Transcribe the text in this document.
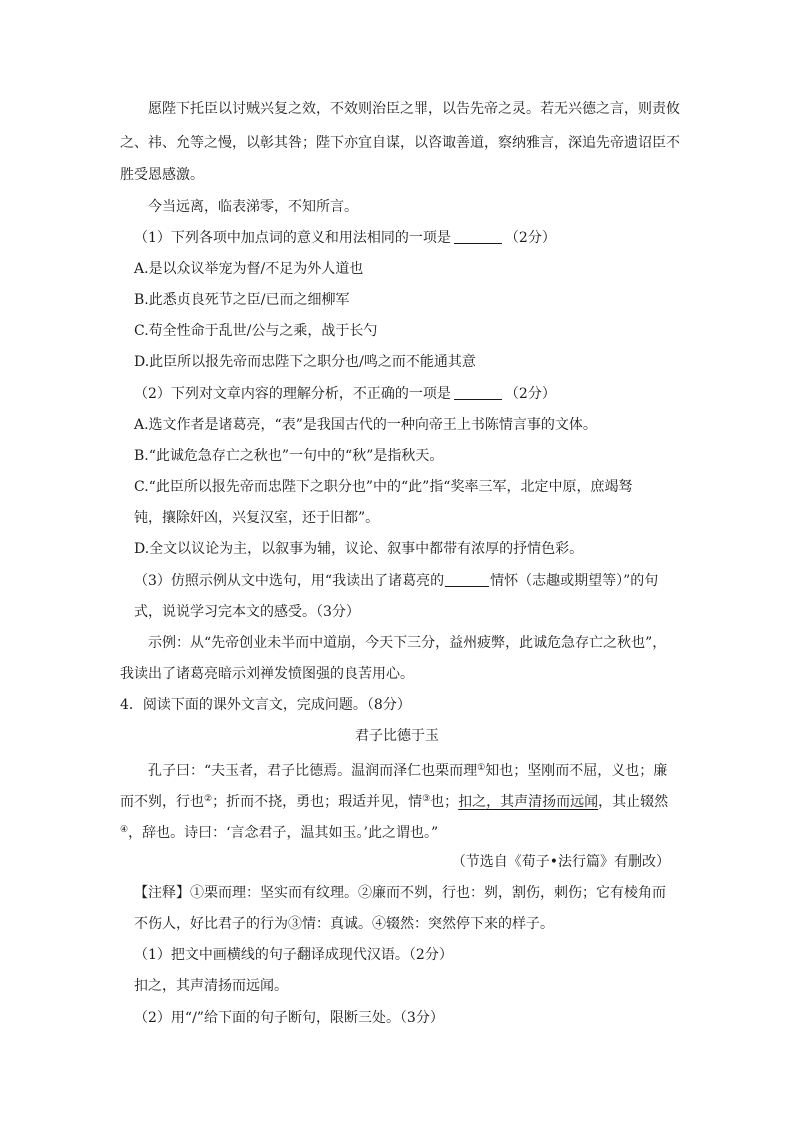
愿陛下托臣以讨贼兴复之效，不效则治臣之罪，以告先帝之灵。若无兴德之言，则责攸
之、祎、允等之慢，以彰其咎；陛下亦宜自谋，以咨诹善道，察纳雅言，深追先帝遗诏臣不
胜受恩感激。
今当远离，临表涕零，不知所言。
（1）下列各项中加点词的意义和用法相同的一项是	（2分）
A.是以众议举宠为督/不足为外人道也
B.此悉贞良死节之臣/已而之细柳军
C.苟全性命于乱世/公与之乘，战于长勺
D.此臣所以报先帝而忠陛下之职分也/鸣之而不能通其意
（2）下列对文章内容的理解分析，不正确的一项是	（2分）
A.选文作者是诸葛亮，“表”是我国古代的一种向帝王上书陈情言事的文体。
B.“此诚危急存亡之秋也”一句中的“秋”是指秋天。
C.“此臣所以报先帝而忠陛下之职分也”中的“此”指“奖率三军，北定中原，庶竭驽
钝，攘除奸凶，兴复汉室，还于旧都”。
D.全文以议论为主，以叙事为辅，议论、叙事中都带有浓厚的抒情色彩。
（3）仿照示例从文中选句，用“我读出了诸葛亮的	情怀（志趣或期望等）”的句
式，说说学习完本文的感受。（3分）
示例：从“先帝创业未半而中道崩，今天下三分，益州疲弊，此诚危急存亡之秋也”，
我读出了诸葛亮暗示刘禅发愤图强的良苦用心。
4．阅读下面的课外文言文，完成问题。（8分）
君子比德于玉
孔子曰：“夫玉者，君子比德焉。温润而泽仁也栗而理①知也；坚刚而不屈，义也；廉
而不刿，行也②；折而不挠，勇也；瑕适并见，情③也；扣之，其声清扬而远闻，其止辍然
④，辞也。诗曰：‘言念君子，温其如玉。’此之谓也。”
（节选自《荀子•法行篇》有删改）
【注释】①栗而理：坚实而有纹理。②廉而不刿，行也：刿，割伤，刺伤；它有棱角而
不伤人，好比君子的行为③情：真诚。④辍然：突然停下来的样子。
（1）把文中画横线的句子翻译成现代汉语。（2分）
扣之，其声清扬而远闻。
（2）用“/”给下面的句子断句，限断三处。（3分）
